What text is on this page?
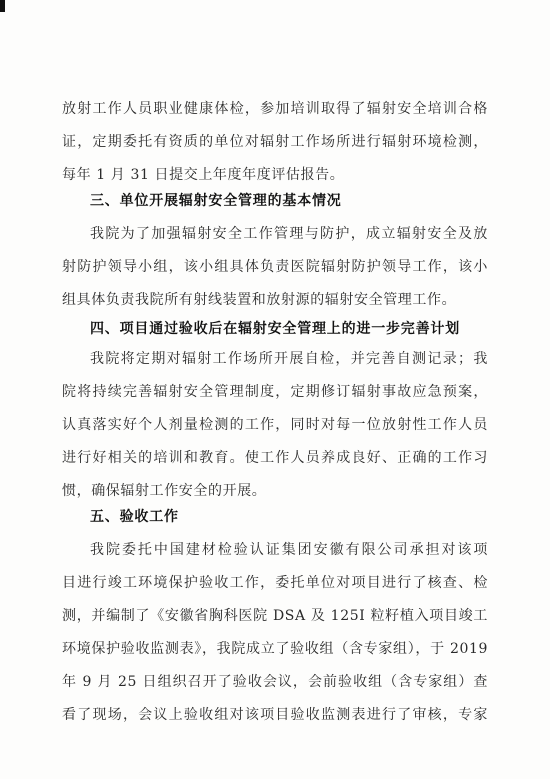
放射工作人员职业健康体检，参加培训取得了辐射安全培训合格
证，定期委托有资质的单位对辐射工作场所进行辐射环境检测，
每年 1 月 31 日提交上年度年度评估报告。
三、单位开展辐射安全管理的基本情况
我院为了加强辐射安全工作管理与防护，成立辐射安全及放
射防护领导小组，该小组具体负责医院辐射防护领导工作，该小
组具体负责我院所有射线装置和放射源的辐射安全管理工作。
四、项目通过验收后在辐射安全管理上的进一步完善计划
我院将定期对辐射工作场所开展自检，并完善自测记录；我
院将持续完善辐射安全管理制度，定期修订辐射事故应急预案，
认真落实好个人剂量检测的工作，同时对每一位放射性工作人员
进行好相关的培训和教育。使工作人员养成良好、正确的工作习
惯，确保辐射工作安全的开展。
五、验收工作
我院委托中国建材检验认证集团安徽有限公司承担对该项
目进行竣工环境保护验收工作，委托单位对项目进行了核查、检
测，并编制了《安徽省胸科医院 DSA 及 125I 粒籽植入项目竣工
环境保护验收监测表》，我院成立了验收组（含专家组），于 2019
年 9 月 25 日组织召开了验收会议，会前验收组（含专家组）查
看了现场，会议上验收组对该项目验收监测表进行了审核，专家
